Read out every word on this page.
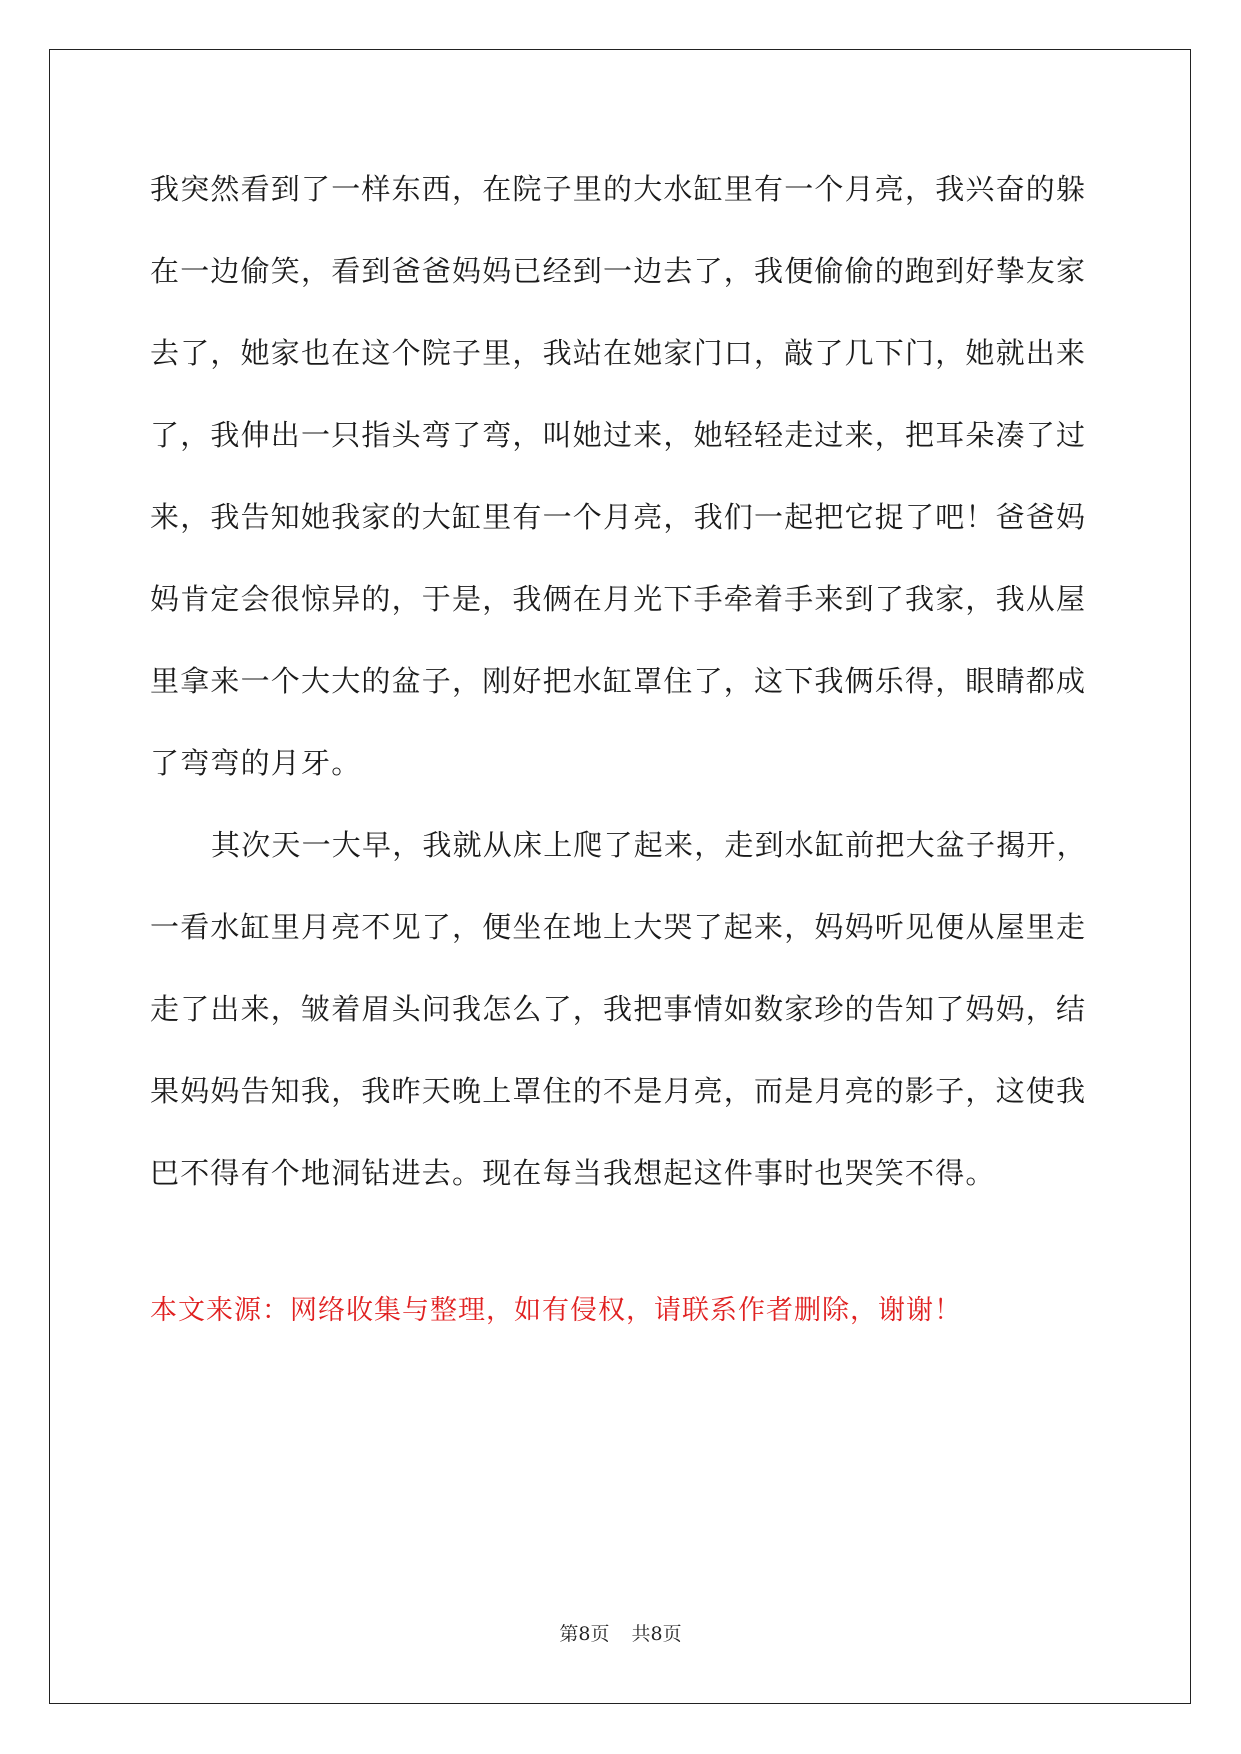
我突然看到了一样东西，在院子里的大水缸里有一个月亮，我兴奋的躲在一边偷笑，看到爸爸妈妈已经到一边去了，我便偷偷的跑到好挚友家去了，她家也在这个院子里，我站在她家门口，敲了几下门，她就出来了，我伸出一只指头弯了弯，叫她过来，她轻轻走过来，把耳朵凑了过来，我告知她我家的大缸里有一个月亮，我们一起把它捉了吧！爸爸妈妈肯定会很惊异的，于是，我俩在月光下手牵着手来到了我家，我从屋里拿来一个大大的盆子，刚好把水缸罩住了，这下我俩乐得，眼睛都成了弯弯的月牙。

其次天一大早，我就从床上爬了起来，走到水缸前把大盆子揭开，一看水缸里月亮不见了，便坐在地上大哭了起来，妈妈听见便从屋里走走了出来，皱着眉头问我怎么了，我把事情如数家珍的告知了妈妈，结果妈妈告知我，我昨天晚上罩住的不是月亮，而是月亮的影子，这使我巴不得有个地洞钻进去。现在每当我想起这件事时也哭笑不得。

本文来源：网络收集与整理，如有侵权，请联系作者删除，谢谢！

第8页 共8页
